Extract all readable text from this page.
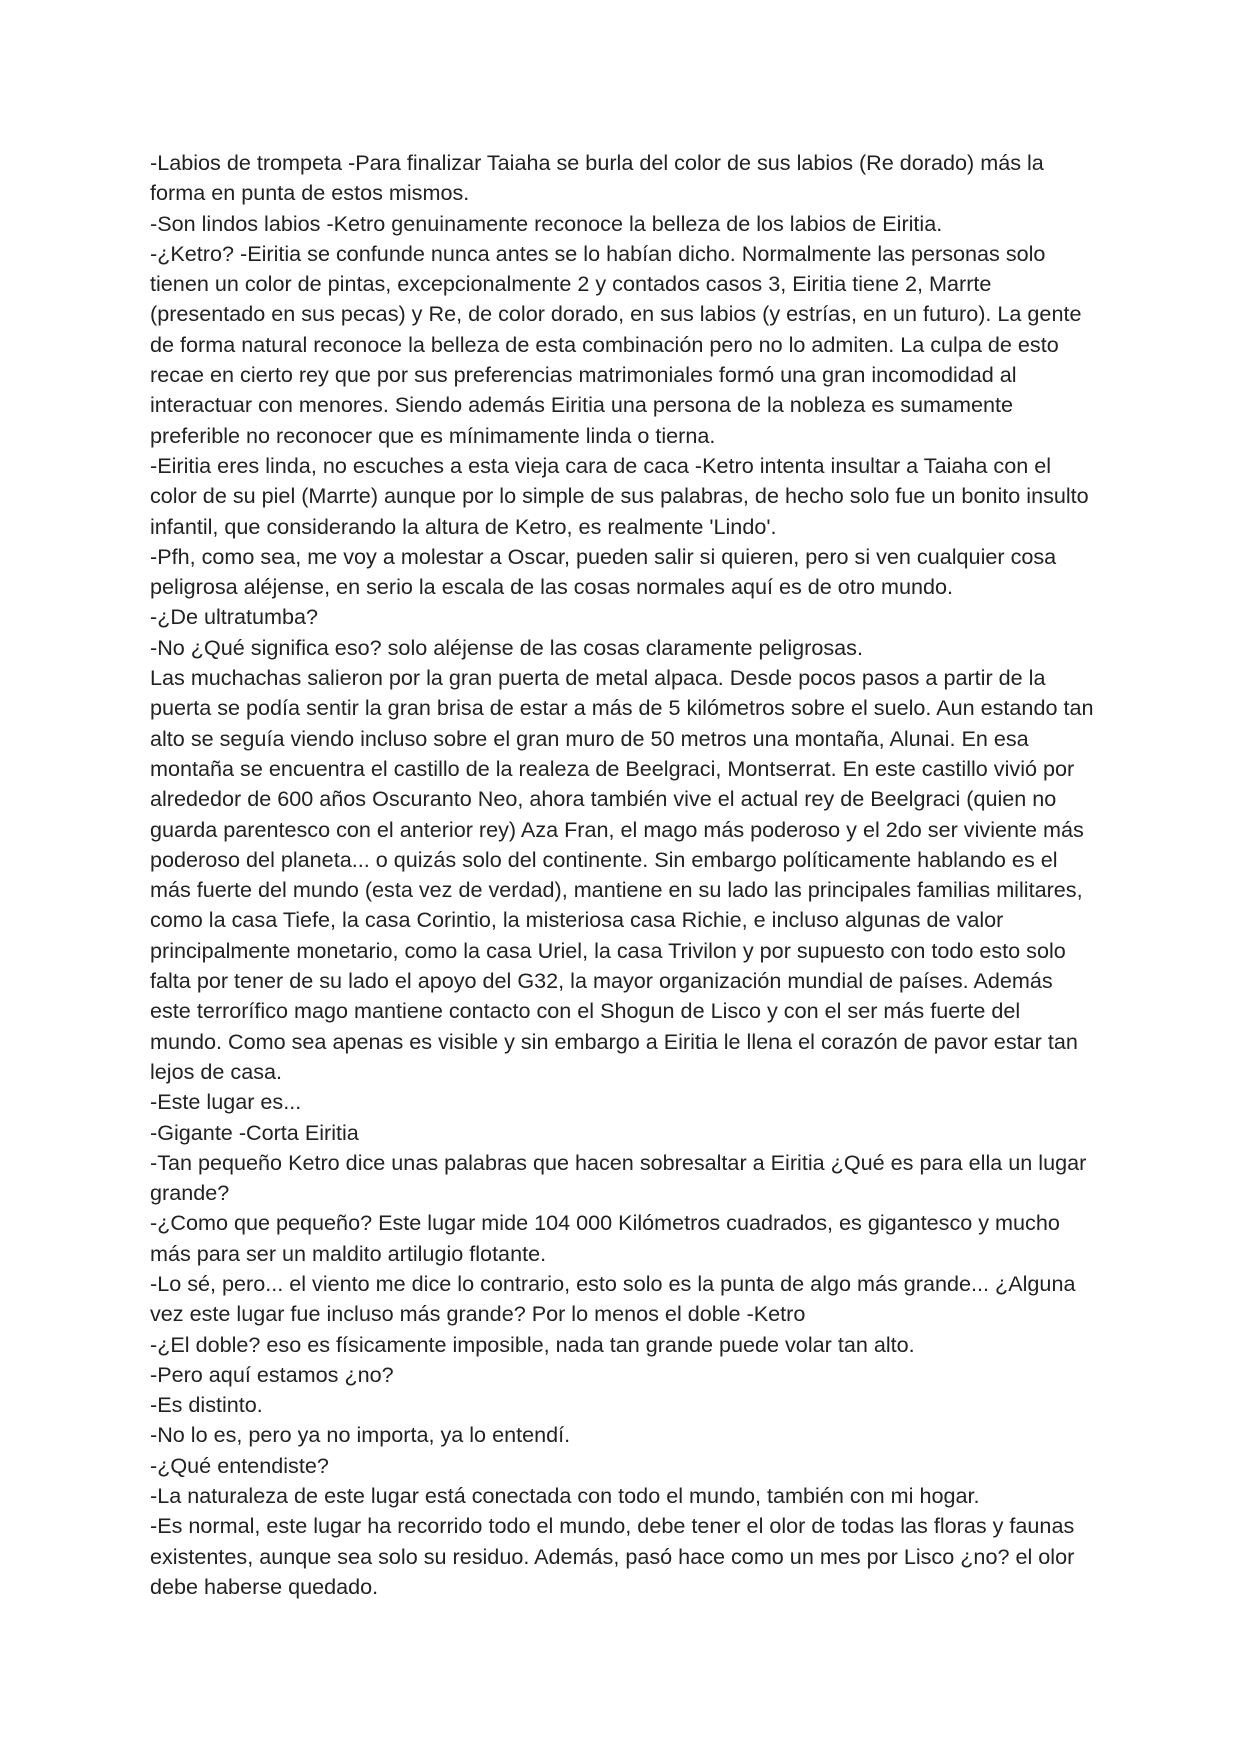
-Labios de trompeta -Para finalizar Taiaha se burla del color de sus labios (Re dorado) más la forma en punta de estos mismos.

-Son lindos labios -Ketro genuinamente reconoce la belleza de los labios de Eiritia.

-¿Ketro? -Eiritia se confunde nunca antes se lo habían dicho. Normalmente las personas solo tienen un color de pintas, excepcionalmente 2 y contados casos 3, Eiritia tiene 2, Marrte (presentado en sus pecas) y Re, de color dorado, en sus labios (y estrías, en un futuro). La gente de forma natural reconoce la belleza de esta combinación pero no lo admiten. La culpa de esto recae en cierto rey que por sus preferencias matrimoniales formó una gran incomodidad al interactuar con menores. Siendo además Eiritia una persona de la nobleza es sumamente preferible no reconocer que es mínimamente linda o tierna.

-Eiritia eres linda, no escuches a esta vieja cara de caca -Ketro intenta insultar a Taiaha con el color de su piel (Marrte) aunque por lo simple de sus palabras, de hecho solo fue un bonito insulto infantil, que considerando la altura de Ketro, es realmente 'Lindo'.

-Pfh, como sea, me voy a molestar a Oscar, pueden salir si quieren, pero si ven cualquier cosa peligrosa aléjense, en serio la escala de las cosas normales aquí es de otro mundo.

-¿De ultratumba?

-No ¿Qué significa eso? solo aléjense de las cosas claramente peligrosas.

Las muchachas salieron por la gran puerta de metal alpaca. Desde pocos pasos a partir de la puerta se podía sentir la gran brisa de estar a más de 5 kilómetros sobre el suelo. Aun estando tan alto se seguía viendo incluso sobre el gran muro de 50 metros una montaña, Alunai. En esa montaña se encuentra el castillo de la realeza de Beelgraci, Montserrat. En este castillo vivió por alrededor de 600 años Oscuranto Neo, ahora también vive el actual rey de Beelgraci (quien no guarda parentesco con el anterior rey) Aza Fran, el mago más poderoso y el 2do ser viviente más poderoso del planeta... o quizás solo del continente. Sin embargo políticamente hablando es el más fuerte del mundo (esta vez de verdad), mantiene en su lado las principales familias militares, como la casa Tiefe, la casa Corintio, la misteriosa casa Richie, e incluso algunas de valor principalmente monetario, como la casa Uriel, la casa Trivilon y por supuesto con todo esto solo falta por tener de su lado el apoyo del G32, la mayor organización mundial de países. Además este terrorífico mago mantiene contacto con el Shogun de Lisco y con el ser más fuerte del mundo. Como sea apenas es visible y sin embargo a Eiritia le llena el corazón de pavor estar tan lejos de casa.

-Este lugar es...

-Gigante -Corta Eiritia

-Tan pequeño Ketro dice unas palabras que hacen sobresaltar a Eiritia ¿Qué es para ella un lugar grande?

-¿Como que pequeño? Este lugar mide 104 000 Kilómetros cuadrados, es gigantesco y mucho más para ser un maldito artilugio flotante.

-Lo sé, pero... el viento me dice lo contrario, esto solo es la punta de algo más grande... ¿Alguna vez este lugar fue incluso más grande? Por lo menos el doble -Ketro

-¿El doble? eso es físicamente imposible, nada tan grande puede volar tan alto.

-Pero aquí estamos ¿no?

-Es distinto.

-No lo es, pero ya no importa, ya lo entendí.

-¿Qué entendiste?

-La naturaleza de este lugar está conectada con todo el mundo, también con mi hogar.

-Es normal, este lugar ha recorrido todo el mundo, debe tener el olor de todas las floras y faunas existentes, aunque sea solo su residuo. Además, pasó hace como un mes por Lisco ¿no? el olor debe haberse quedado.
